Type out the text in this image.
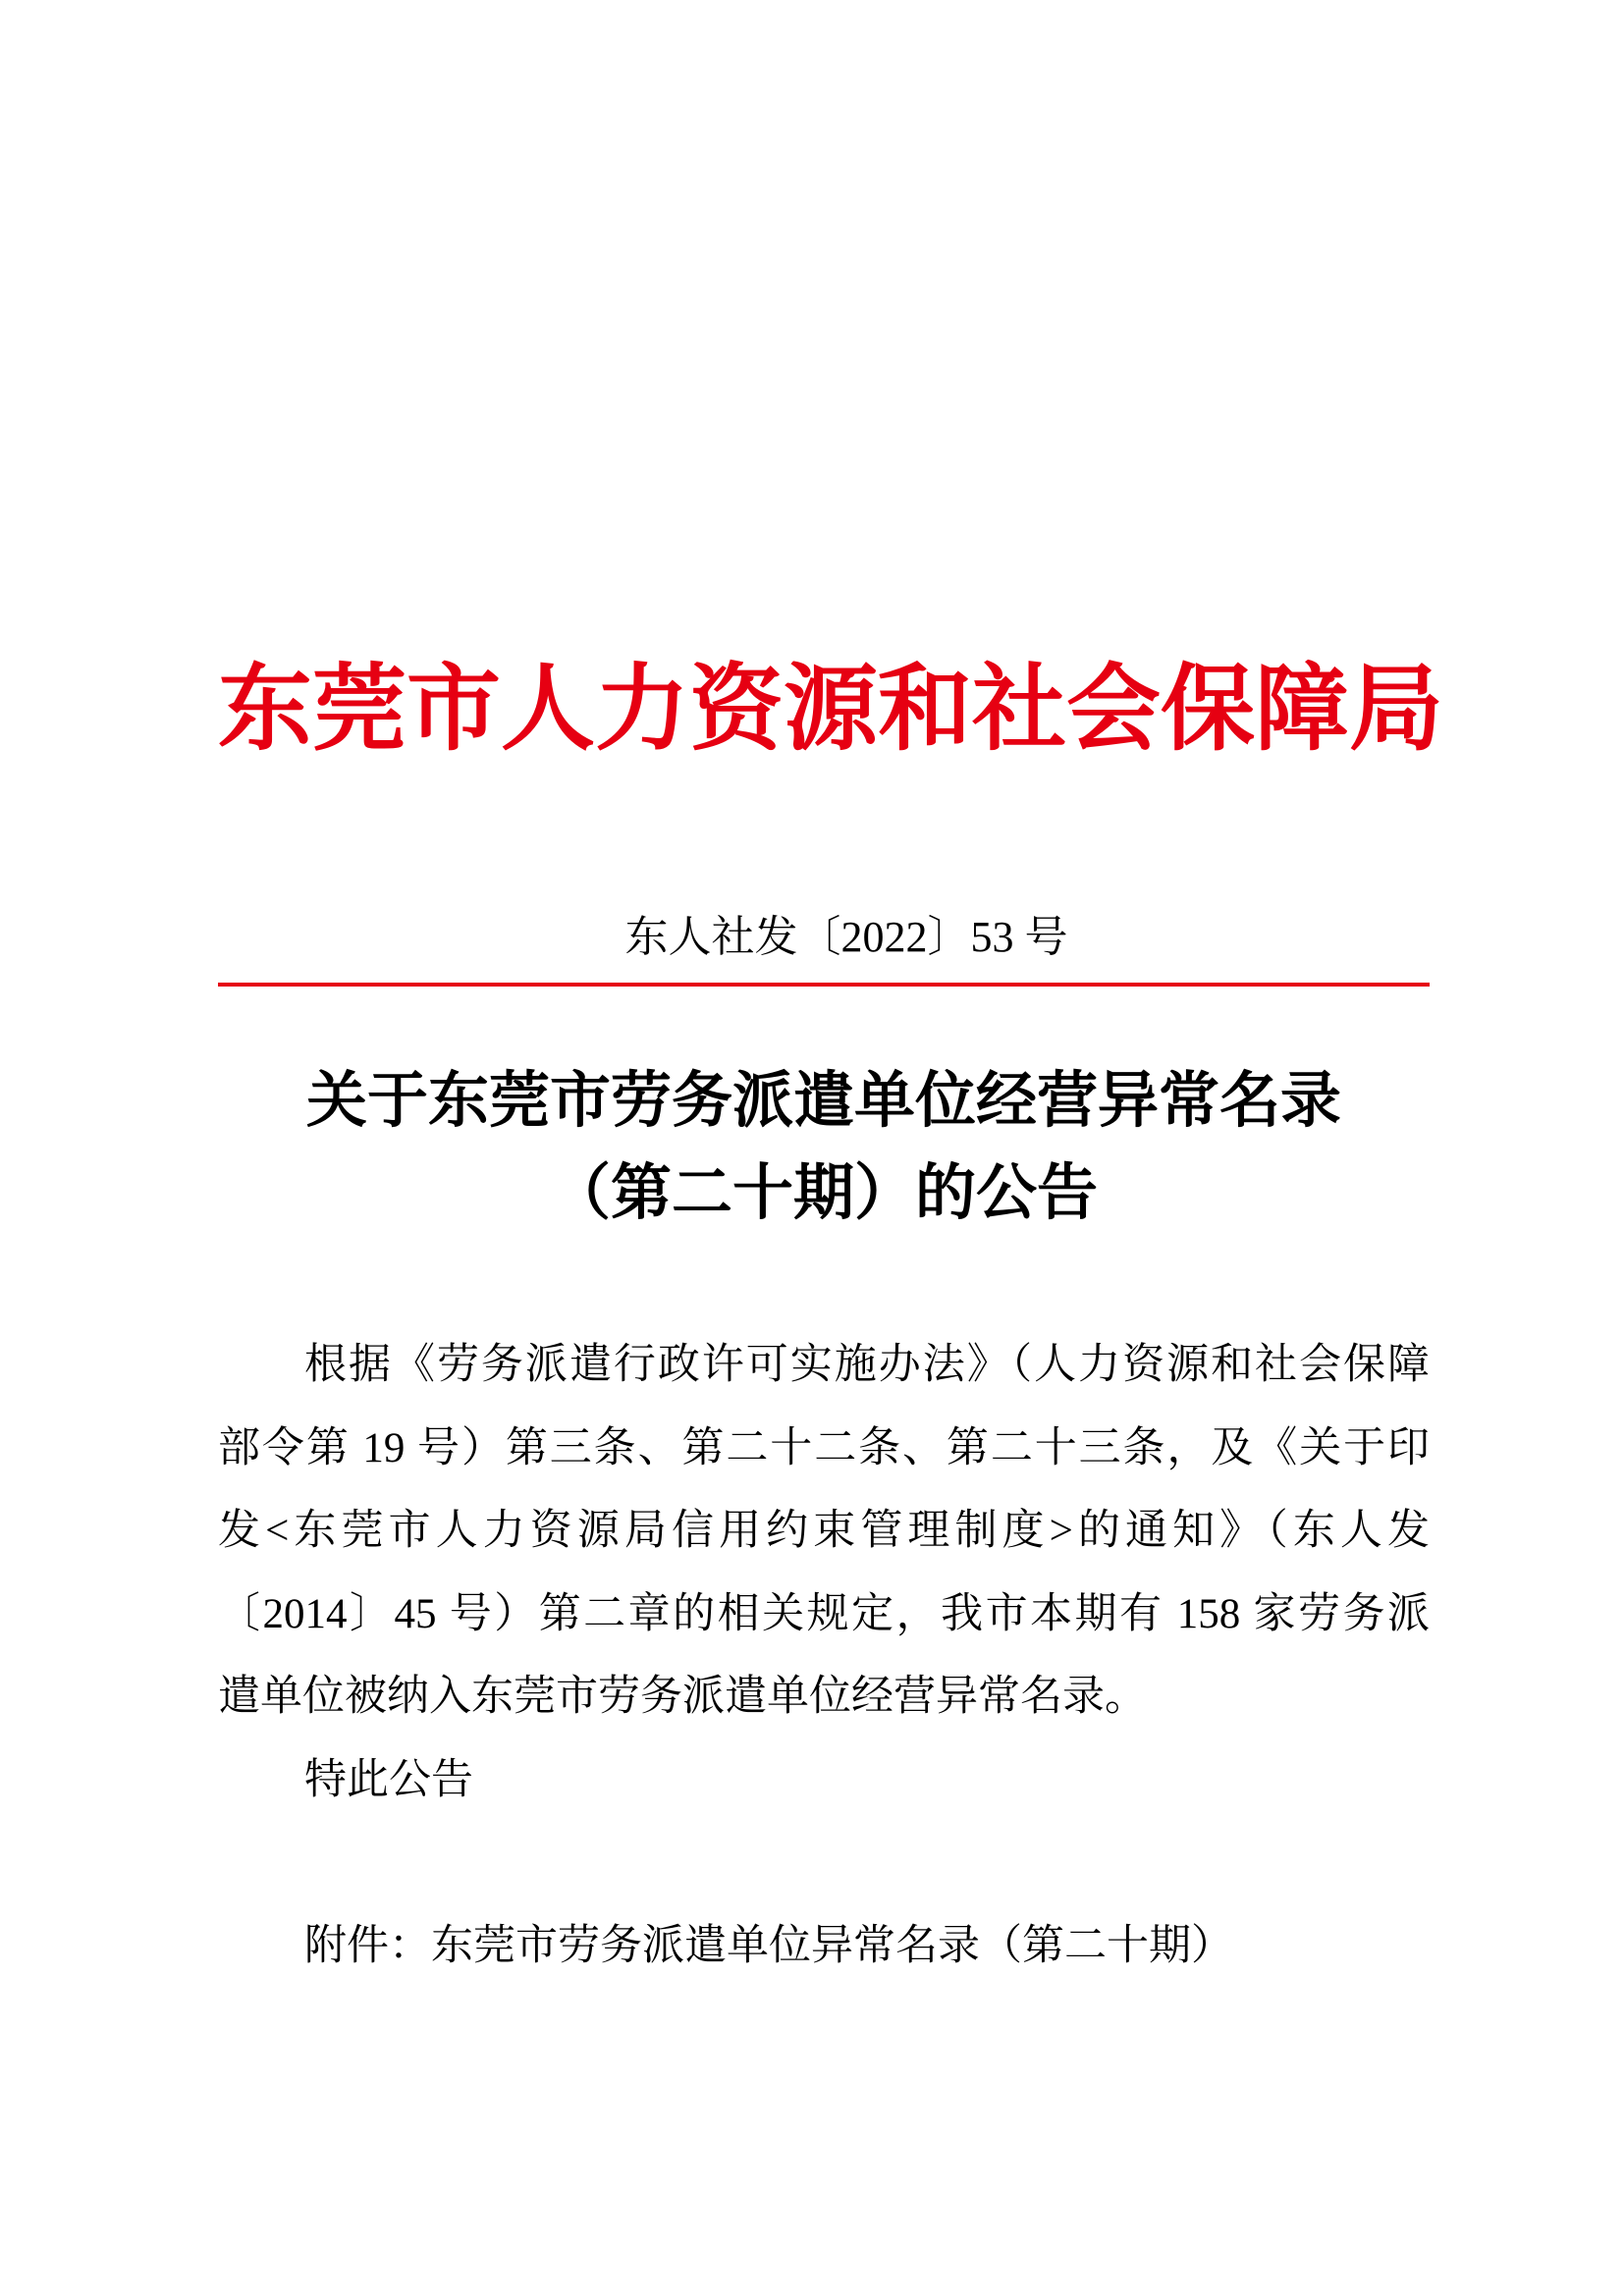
东莞市人力资源和社会保障局
东人社发〔2022〕53 号
关于东莞市劳务派遣单位经营异常名录
（第二十期）的公告
根据《劳务派遣行政许可实施办法》（人力资源和社会保障
部令第 19 号）第三条、第二十二条、第二十三条，及《关于印
发<东莞市人力资源局信用约束管理制度>的通知》（东人发
〔2014〕45 号）第二章的相关规定，我市本期有 158 家劳务派
遣单位被纳入东莞市劳务派遣单位经营异常名录。
特此公告
附件：东莞市劳务派遣单位异常名录（第二十期）
